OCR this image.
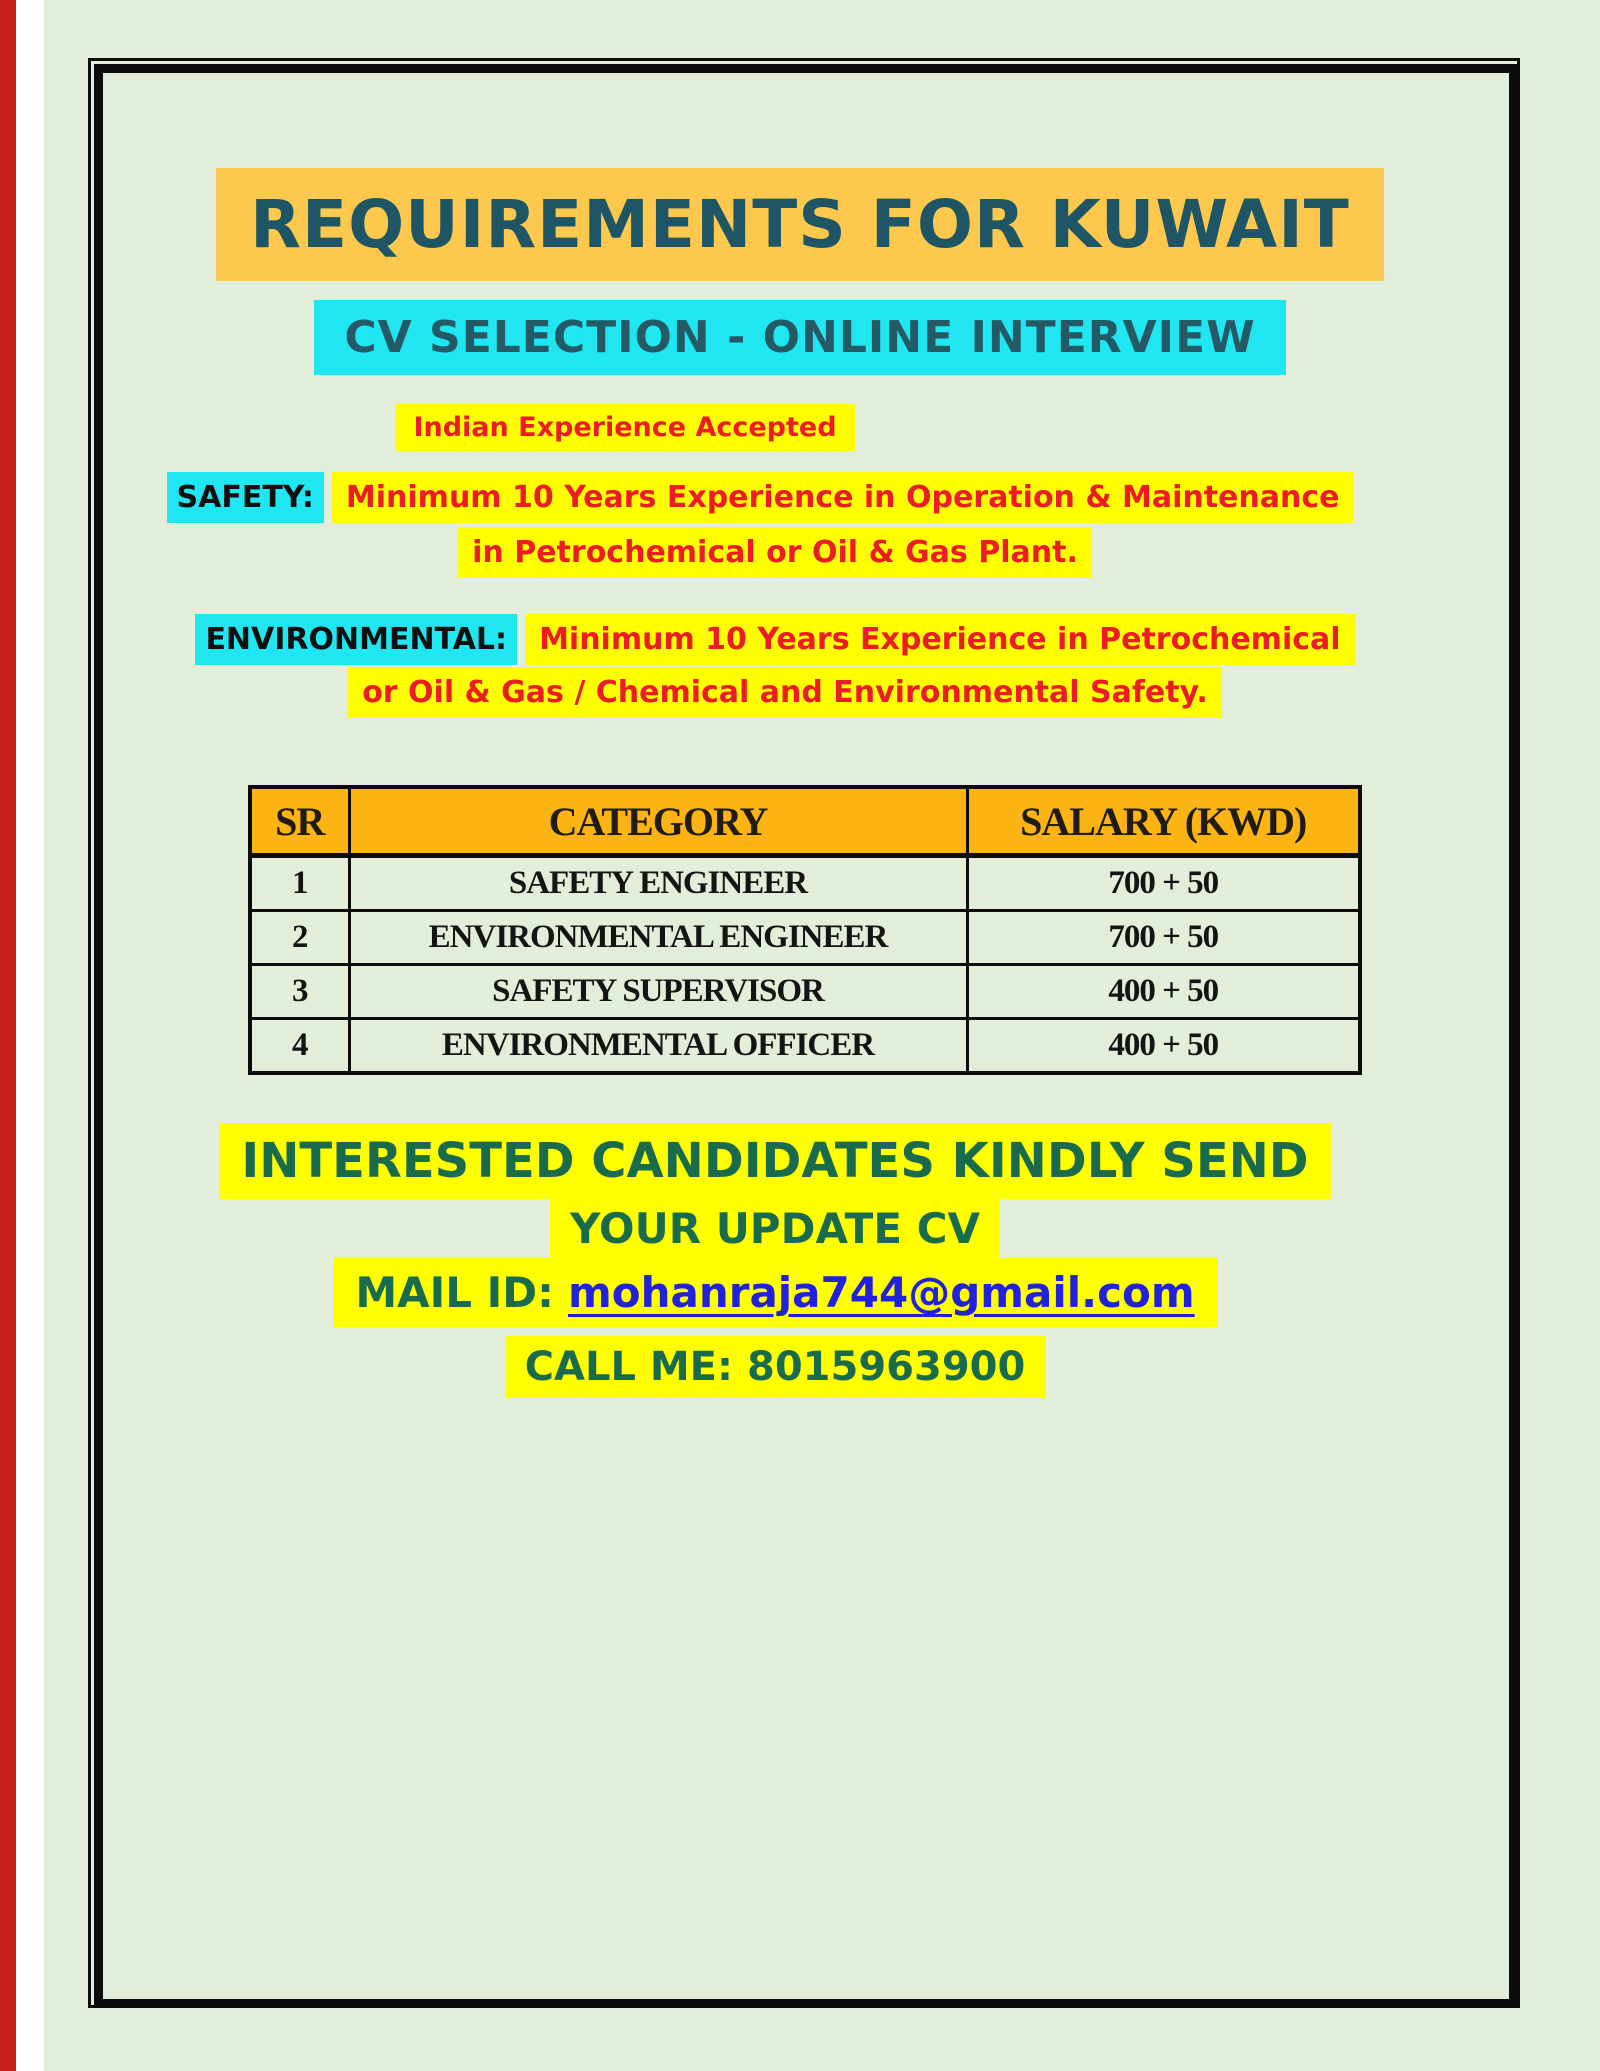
REQUIREMENTS FOR KUWAIT
CV SELECTION - ONLINE INTERVIEW
Indian Experience Accepted
SAFETY: Minimum 10 Years Experience in Operation & Maintenance
in Petrochemical or Oil & Gas Plant.
ENVIRONMENTAL: Minimum 10 Years Experience in Petrochemical
or Oil & Gas / Chemical and Environmental Safety.
SR	CATEGORY	SALARY (KWD)
1	SAFETY ENGINEER	700 + 50
2	ENVIRONMENTAL ENGINEER	700 + 50
3	SAFETY SUPERVISOR	400 + 50
4	ENVIRONMENTAL OFFICER	400 + 50
INTERESTED CANDIDATES KINDLY SEND
YOUR UPDATE CV
MAIL ID: mohanraja744@gmail.com
CALL ME: 8015963900
